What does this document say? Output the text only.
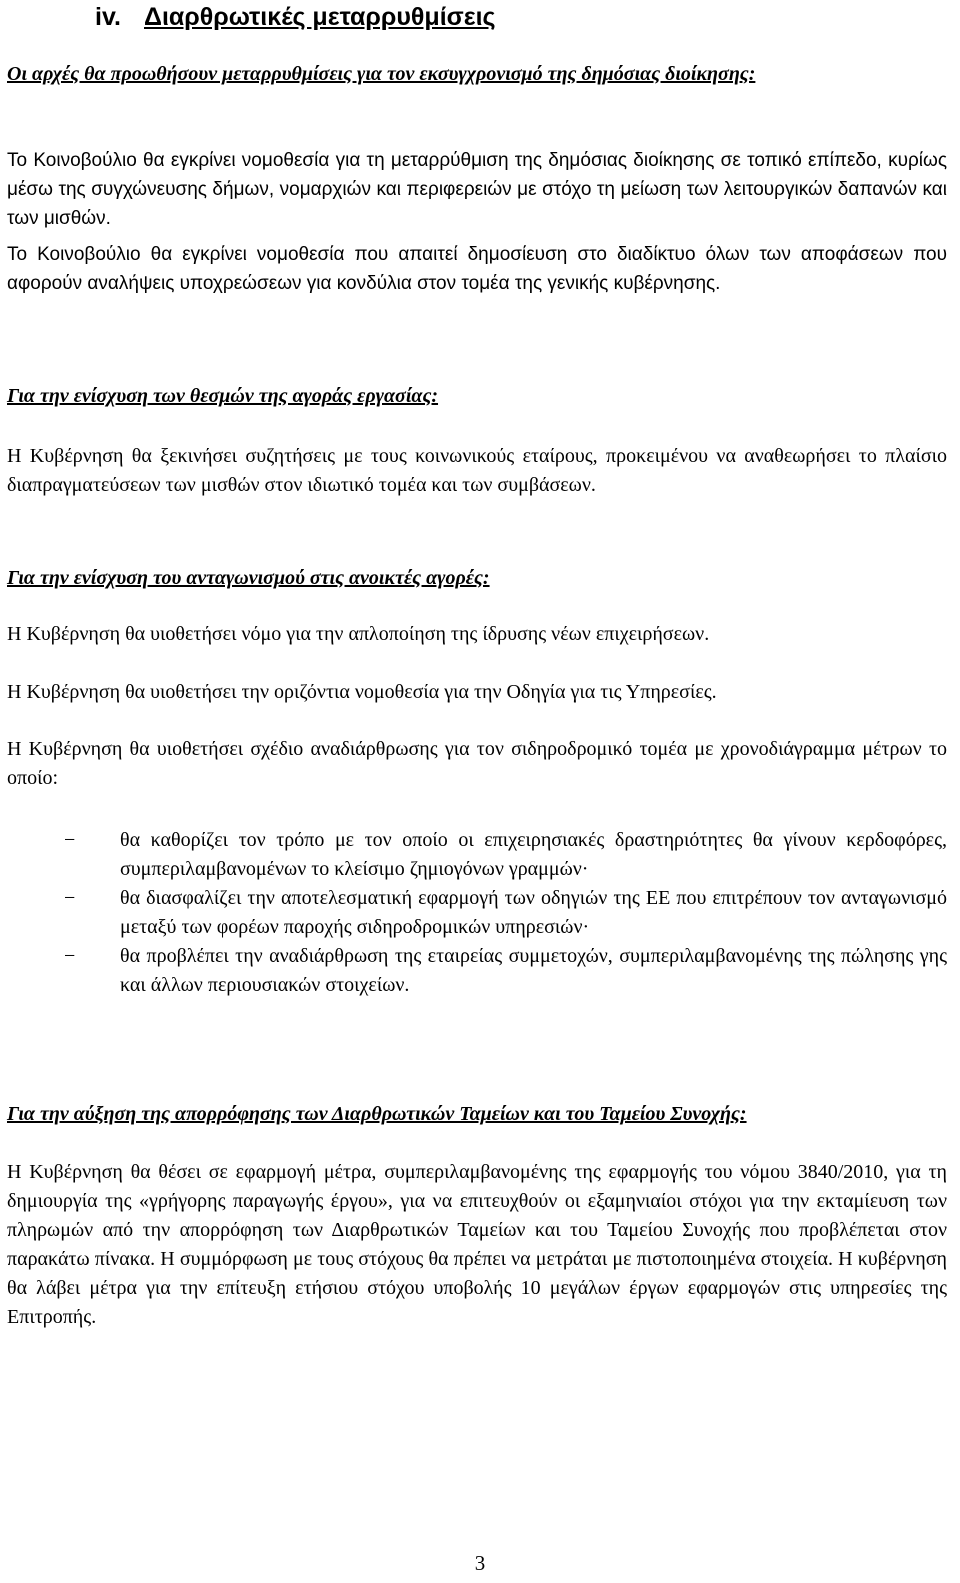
iv. Διαρθρωτικές μεταρρυθμίσεις
Οι αρχές θα προωθήσουν μεταρρυθμίσεις για τον εκσυγχρονισμό της δημόσιας διοίκησης:

Το Κοινοβούλιο θα εγκρίνει νομοθεσία για τη μεταρρύθμιση της δημόσιας διοίκησης σε τοπικό επίπεδο, κυρίως μέσω της συγχώνευσης δήμων, νομαρχιών και περιφερειών με στόχο τη μείωση των λειτουργικών δαπανών και των μισθών.

Το Κοινοβούλιο θα εγκρίνει νομοθεσία που απαιτεί δημοσίευση στο διαδίκτυο όλων των αποφάσεων που αφορούν αναλήψεις υποχρεώσεων για κονδύλια στον τομέα της γενικής κυβέρνησης.

Για την ενίσχυση των θεσμών της αγοράς εργασίας:

Η Κυβέρνηση θα ξεκινήσει συζητήσεις με τους κοινωνικούς εταίρους, προκειμένου να αναθεωρήσει το πλαίσιο διαπραγματεύσεων των μισθών στον ιδιωτικό τομέα και των συμβάσεων.

Για την ενίσχυση του ανταγωνισμού στις ανοικτές αγορές:

Η Κυβέρνηση θα υιοθετήσει νόμο για την απλοποίηση της ίδρυσης νέων επιχειρήσεων.

Η Κυβέρνηση θα υιοθετήσει την οριζόντια νομοθεσία για την Οδηγία για τις Υπηρεσίες.

Η Κυβέρνηση θα υιοθετήσει σχέδιο αναδιάρθρωσης για τον σιδηροδρομικό τομέα με χρονοδιάγραμμα μέτρων το οποίο:

− θα καθορίζει τον τρόπο με τον οποίο οι επιχειρησιακές δραστηριότητες θα γίνουν κερδοφόρες, συμπεριλαμβανομένων το κλείσιμο ζημιογόνων γραμμών·
− θα διασφαλίζει την αποτελεσματική εφαρμογή των οδηγιών της ΕΕ που επιτρέπουν τον ανταγωνισμό μεταξύ των φορέων παροχής σιδηροδρομικών υπηρεσιών·
− θα προβλέπει την αναδιάρθρωση της εταιρείας συμμετοχών, συμπεριλαμβανομένης της πώλησης γης και άλλων περιουσιακών στοιχείων.
Για την αύξηση της απορρόφησης των Διαρθρωτικών Ταμείων και του Ταμείου Συνοχής:

Η Κυβέρνηση θα θέσει σε εφαρμογή μέτρα, συμπεριλαμβανομένης της εφαρμογής του νόμου 3840/2010, για τη δημιουργία της «γρήγορης παραγωγής έργου», για να επιτευχθούν οι εξαμηνιαίοι στόχοι για την εκταμίευση των πληρωμών από την απορρόφηση των Διαρθρωτικών Ταμείων και του Ταμείου Συνοχής που προβλέπεται στον παρακάτω πίνακα. Η συμμόρφωση με τους στόχους θα πρέπει να μετράται με πιστοποιημένα στοιχεία. Η κυβέρνηση θα λάβει μέτρα για την επίτευξη ετήσιου στόχου υποβολής 10 μεγάλων έργων εφαρμογών στις υπηρεσίες της Επιτροπής.

3
